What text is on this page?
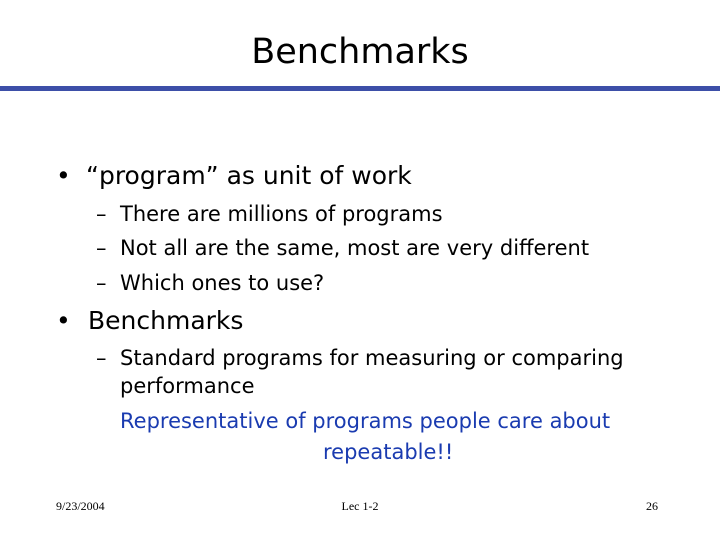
Benchmarks
• “program” as unit of work
– There are millions of programs
– Not all are the same, most are very different
– Which ones to use?
• Benchmarks
– Standard programs for measuring or comparing
performance
Representative of programs people care about
repeatable!!
9/23/2004	Lec 1-2	26
